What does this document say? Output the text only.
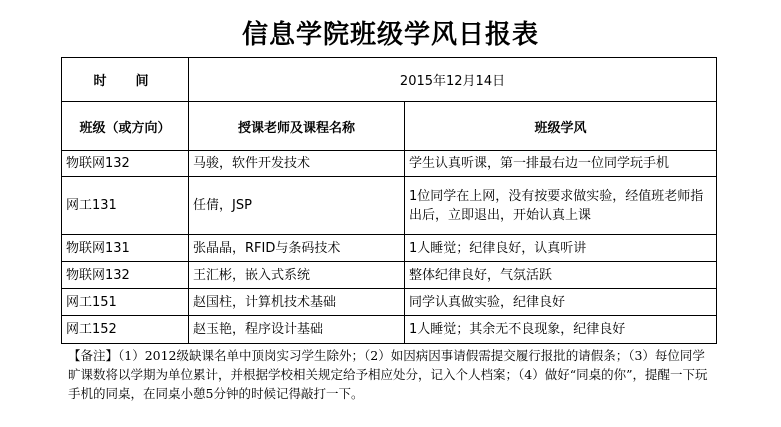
信息学院班级学风日报表
时　间	2015年12月14日	
班级（或方向）	授课老师及课程名称	班级学风
物联网132	马骏，软件开发技术	学生认真听课，第一排最右边一位同学玩手机
网工131	任倩，JSP	1位同学在上网，没有按要求做实验，经值班老师指出后，立即退出，开始认真上课
物联网131	张晶晶，RFID与条码技术	1人睡觉；纪律良好，认真听讲
物联网132	王汇彬，嵌入式系统	整体纪律良好，气氛活跃
网工151	赵国柱，计算机技术基础	同学认真做实验，纪律良好
网工152	赵玉艳，程序设计基础	1人睡觉；其余无不良现象，纪律良好
【备注】（1）2012级缺课名单中顶岗实习学生除外；（2）如因病因事请假需提交履行报批的请假条；（3）每位同学旷课数将以学期为单位累计，并根据学校相关规定给予相应处分，记入个人档案；（4）做好“同桌的你”，提醒一下玩手机的同桌，在同桌小憩5分钟的时候记得敲打一下。
